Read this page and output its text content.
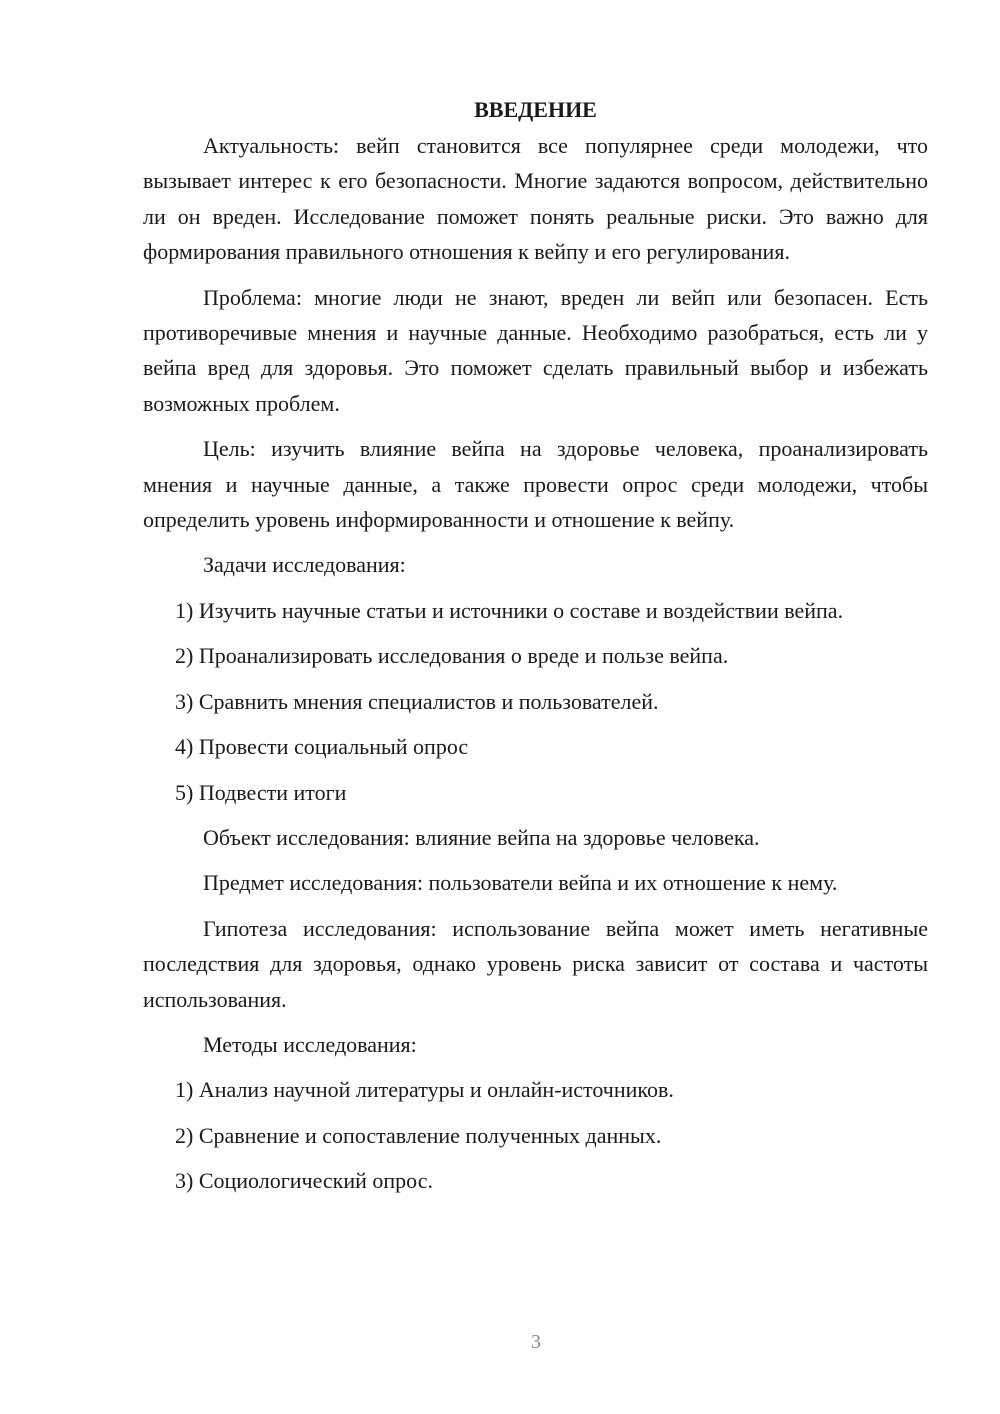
ВВЕДЕНИЕ
Актуальность: вейп становится все популярнее среди молодежи, что вызывает интерес к его безопасности. Многие задаются вопросом, действительно ли он вреден. Исследование поможет понять реальные риски. Это важно для формирования правильного отношения к вейпу и его регулирования.
Проблема: многие люди не знают, вреден ли вейп или безопасен. Есть противоречивые мнения и научные данные. Необходимо разобраться, есть ли у вейпа вред для здоровья. Это поможет сделать правильный выбор и избежать возможных проблем.
Цель: изучить влияние вейпа на здоровье человека, проанализировать мнения и научные данные, а также провести опрос среди молодежи, чтобы определить уровень информированности и отношение к вейпу.
Задачи исследования:
1) Изучить научные статьи и источники о составе и воздействии вейпа.
2) Проанализировать исследования о вреде и пользе вейпа.
3) Сравнить мнения специалистов и пользователей.
4) Провести социальный опрос
5) Подвести итоги
Объект исследования: влияние вейпа на здоровье человека.
Предмет исследования: пользователи вейпа и их отношение к нему.
Гипотеза исследования: использование вейпа может иметь негативные последствия для здоровья, однако уровень риска зависит от состава и частоты использования.
Методы исследования:
1) Анализ научной литературы и онлайн-источников.
2) Сравнение и сопоставление полученных данных.
3) Социологический опрос.
3
